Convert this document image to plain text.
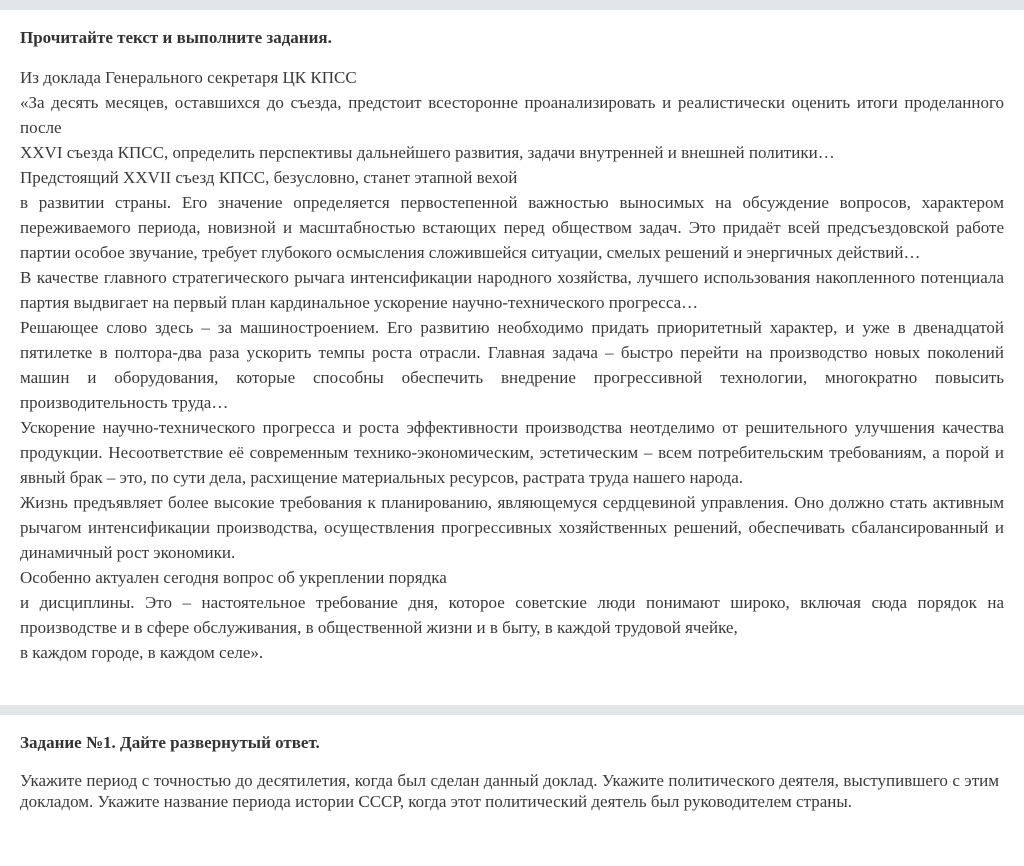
Прочитайте текст и выполните задания.
Из доклада Генерального секретаря ЦК КПСС
«За десять месяцев, оставшихся до съезда, предстоит всесторонне проанализировать и реалистически оценить итоги проделанного после
XXVI съезда КПСС, определить перспективы дальнейшего развития, задачи внутренней и внешней политики…
Предстоящий XXVII съезд КПСС, безусловно, станет этапной вехой
в развитии страны. Его значение определяется первостепенной важностью выносимых на обсуждение вопросов, характером переживаемого периода, новизной и масштабностью встающих перед обществом задач. Это придаёт всей предсъездовской работе партии особое звучание, требует глубокого осмысления сложившейся ситуации, смелых решений и энергичных действий…
В качестве главного стратегического рычага интенсификации народного хозяйства, лучшего использования накопленного потенциала партия выдвигает на первый план кардинальное ускорение научно-технического прогресса…
Решающее слово здесь – за машиностроением. Его развитию необходимо придать приоритетный характер, и уже в двенадцатой пятилетке в полтора-два раза ускорить темпы роста отрасли. Главная задача – быстро перейти на производство новых поколений машин и оборудования, которые способны обеспечить внедрение прогрессивной технологии, многократно повысить производительность труда…
Ускорение научно-технического прогресса и роста эффективности производства неотделимо от решительного улучшения качества продукции. Несоответствие её современным технико-экономическим, эстетическим – всем потребительским требованиям, а порой и явный брак – это, по сути дела, расхищение материальных ресурсов, растрата труда нашего народа.
Жизнь предъявляет более высокие требования к планированию, являющемуся сердцевиной управления. Оно должно стать активным рычагом интенсификации производства, осуществления прогрессивных хозяйственных решений, обеспечивать сбалансированный и динамичный рост экономики.
Особенно актуален сегодня вопрос об укреплении порядка
и дисциплины. Это – настоятельное требование дня, которое советские люди понимают широко, включая сюда порядок на производстве и в сфере обслуживания, в общественной жизни и в быту, в каждой трудовой ячейке,
в каждом городе, в каждом селе».
Задание №1. Дайте развернутый ответ.
Укажите период с точностью до десятилетия, когда был сделан данный доклад. Укажите политического деятеля, выступившего с этим докладом. Укажите название периода истории СССР, когда этот политический деятель был руководителем страны.
